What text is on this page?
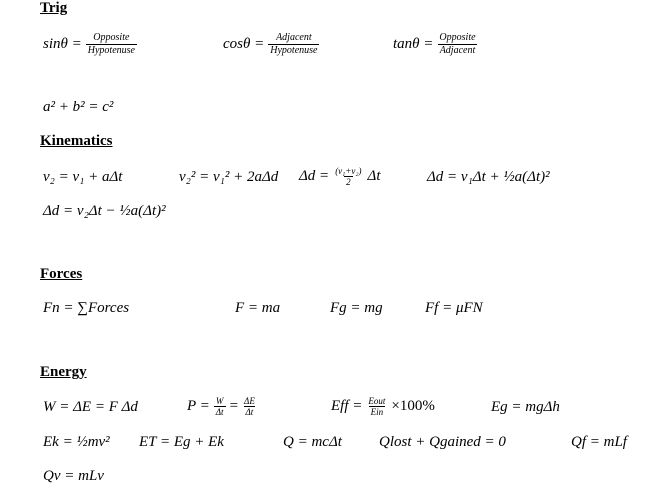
Trig
Kinematics
Forces
Energy
$\sin\theta = \frac{\text{Opposite}}{\text{Hypotenuse}}$	$\cos\theta = \frac{\text{Adjacent}}{\text{Hypotenuse}}$	$\tan\theta = \frac{\text{Opposite}}{\text{Adjacent}}$
a² + b² = c²
v₂ = v₁ + aΔt	v₂² = v₁² + 2aΔd $\Delta d = \frac{\text{(v₁+v₂)}}{2}$ Δt	Δd = v₁Δt + ½a(Δt)²
Δd = v₂Δt − ½a(Δt)²
Fn = ∑Forces	F = ma	Fg = mg	Ff = μFN
W = ΔE = F Δd	$P = \frac{W}{\Delta t} = \frac{\Delta E}{\Delta t}$	Eff = $\frac{\text{Eout}}{\text{Ein}} \times 100\%$	Eg = mgΔh
Ek = ½mv² ET = Eg + Ek	Q = mcΔt Qlost + Qgained = 0	Qf = mLf
Qv = mLv
